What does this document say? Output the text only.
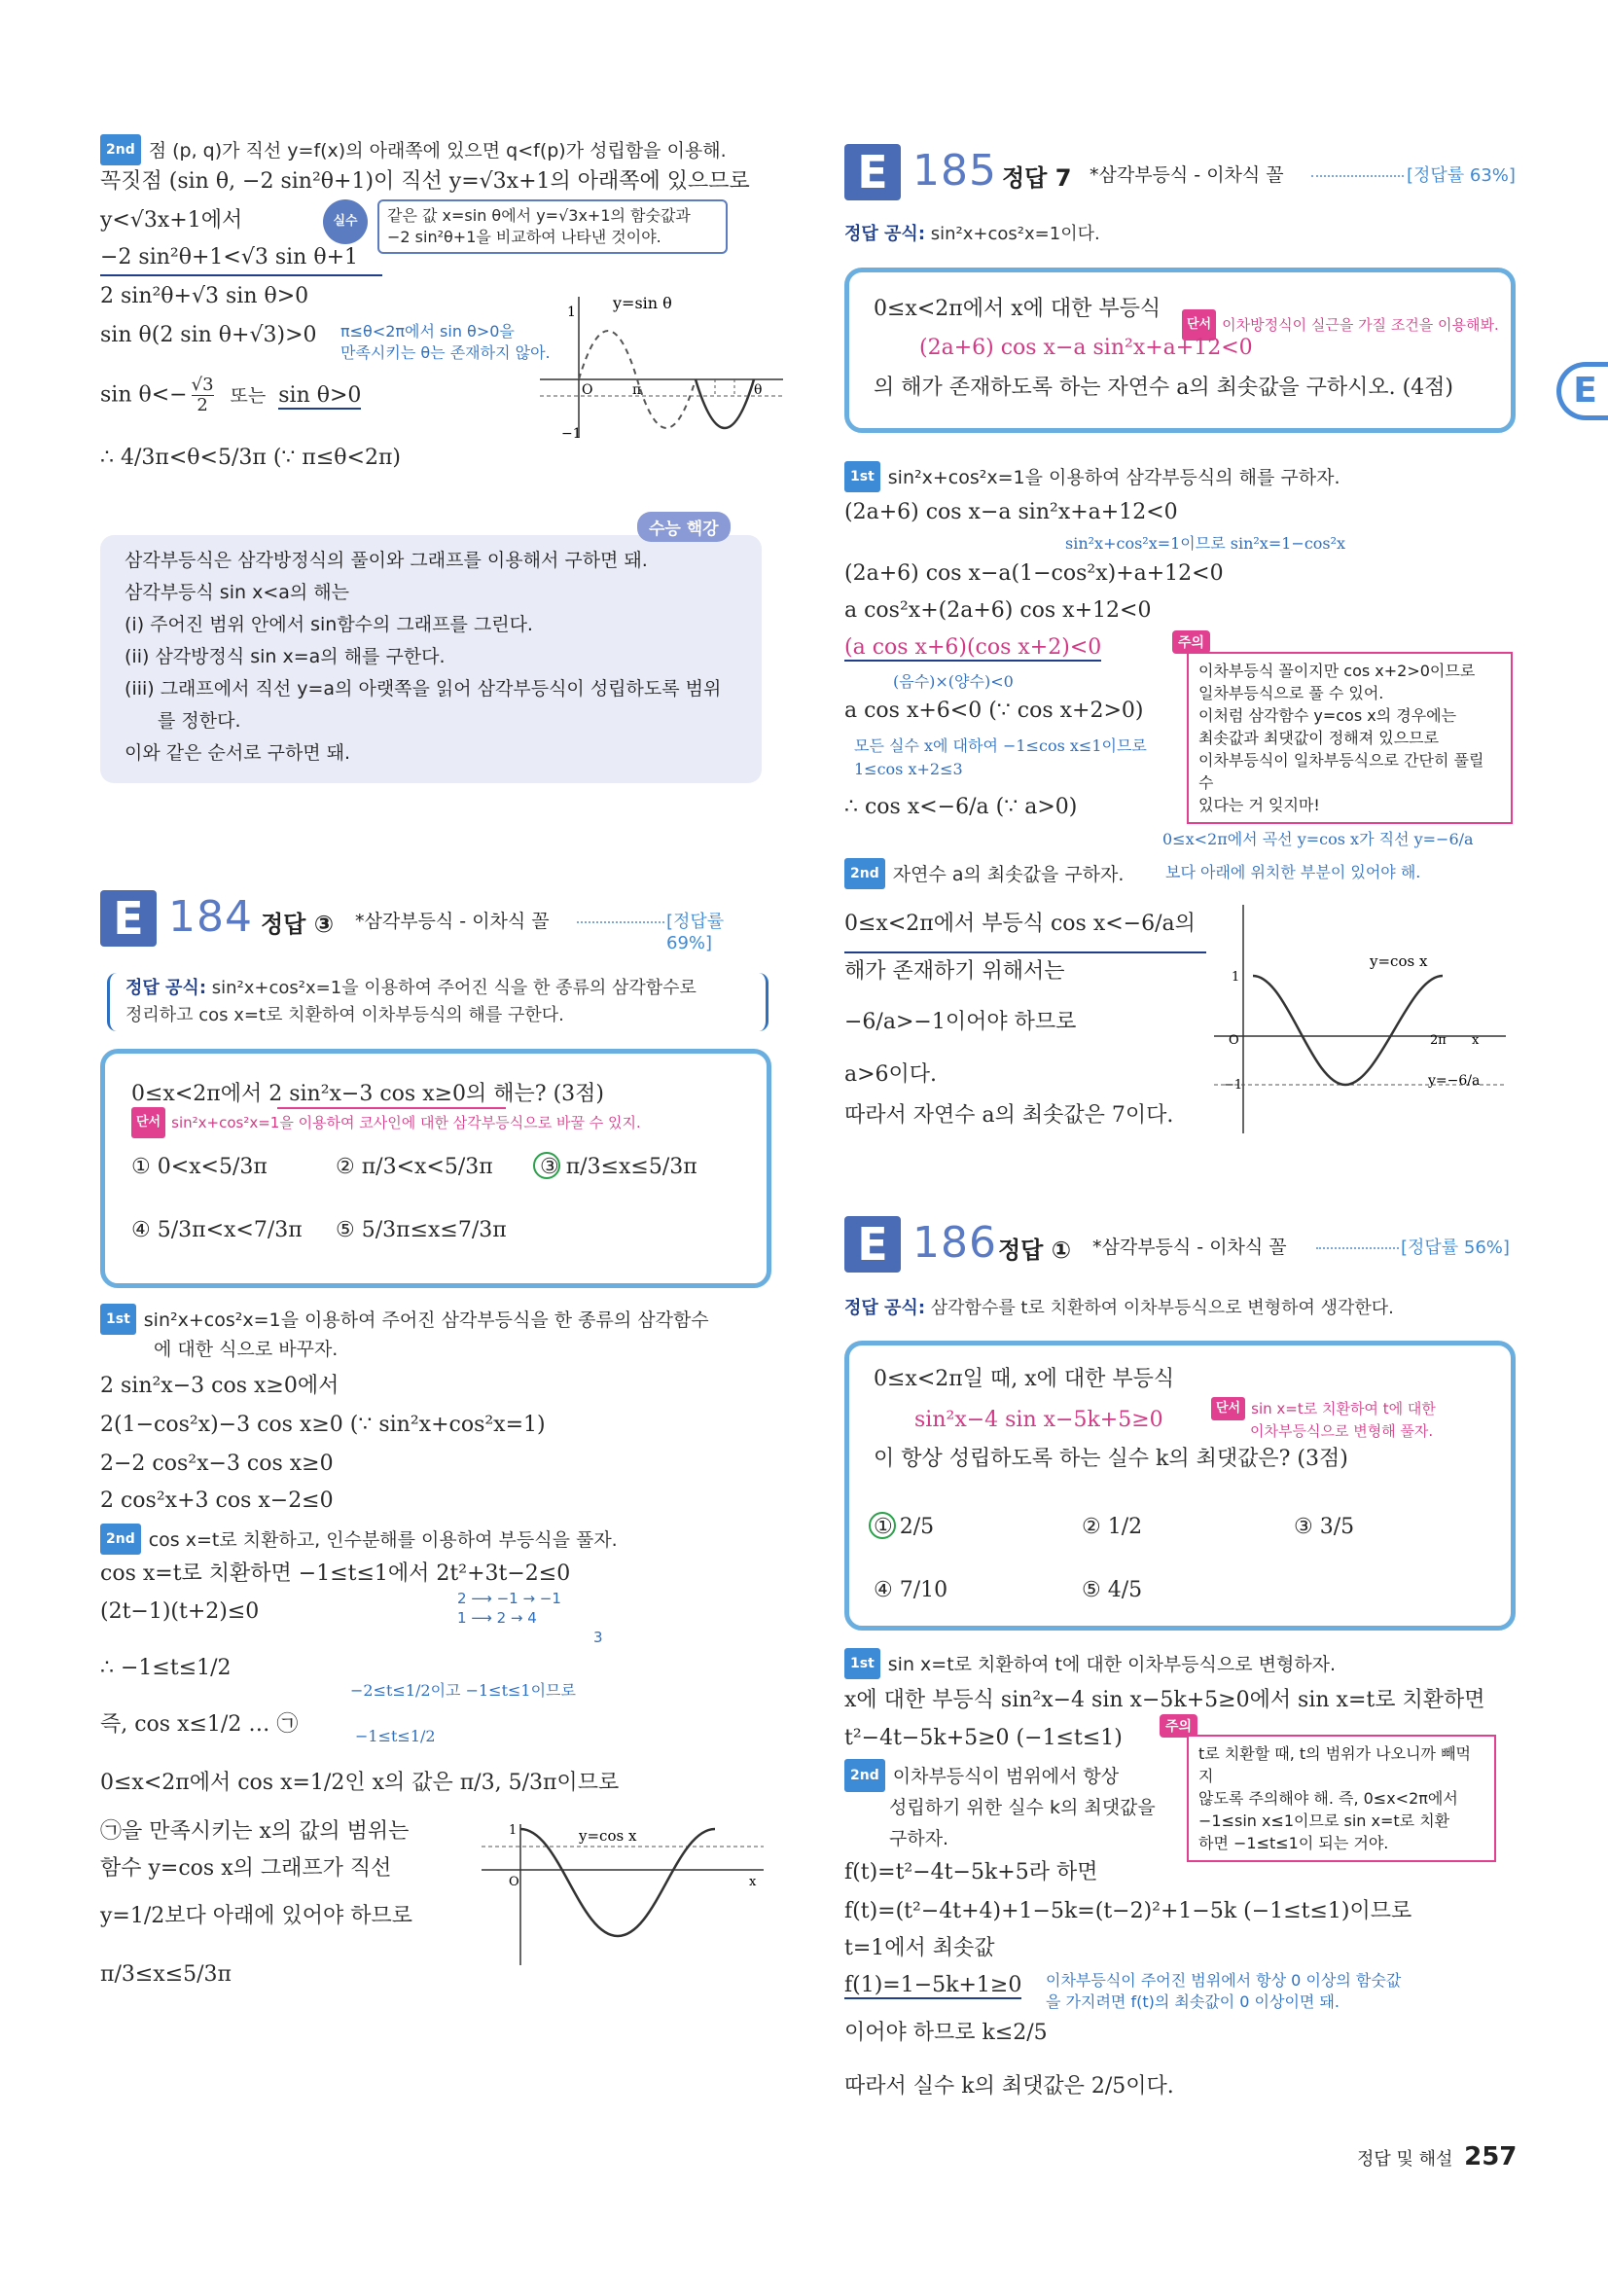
E
2nd 점 (p, q)가 직선 y=f(x)의 아래쪽에 있으면 q<f(p)가 성립함을 이용해.
꼭짓점 (sin θ, −2 sin²θ+1)이 직선 y=√3x+1의 아래쪽에 있으므로
y<√3x+1에서
−2 sin²θ+1<√3 sin θ+1
실수	같은 값 x=sin θ에서 y=√3x+1의 함숫값과
−2 sin²θ+1을 비교하여 나타낸 것이야.
2 sin²θ+√3 sin θ>0
sin θ(2 sin θ+√3)>0 π≤θ<2π에서 sin θ>0을
만족시키는 θ는 존재하지 않아.
$\sin \theta<- \frac{√3}{2}$ 또는 sin θ>0
∴ 4/3π<θ<5/3π (∵ π≤θ<2π)
y=sin θ
1
O	π	θ
−1
수능 핵강
삼각부등식은 삼각방정식의 풀이와 그래프를 이용해서 구하면 돼.
삼각부등식 sin x<a의 해는
(i) 주어진 범위 안에서 sin함수의 그래프를 그린다.
(ii) 삼각방정식 sin x=a의 해를 구한다.
(iii) 그래프에서 직선 y=a의 아랫쪽을 읽어 삼각부등식이 성립하도록 범위
를 정한다.
이와 같은 순서로 구하면 돼.
E 184 정답 ③ *삼각부등식 - 이차식 꼴	[정답률 69%]
정답 공식: sin²x+cos²x=1을 이용하여 주어진 식을 한 종류의 삼각함수로
정리하고 cos x=t로 치환하여 이차부등식의 해를 구한다.
0≤x<2π에서 2 sin²x−3 cos x≥0의 해는? (3점)
단서 sin²x+cos²x=1을 이용하여 코사인에 대한 삼각부등식으로 바꿀 수 있지.
① 0<x<5/3π	② π/3<x<5/3π ③ π/3≤x≤5/3π
④ 5/3π<x<7/3π ⑤ 5/3π≤x≤7/3π
1st sin²x+cos²x=1을 이용하여 주어진 삼각부등식을 한 종류의 삼각함수
에 대한 식으로 바꾸자.
2 sin²x−3 cos x≥0에서
2(1−cos²x)−3 cos x≥0 (∵ sin²x+cos²x=1)
2−2 cos²x−3 cos x≥0
2 cos²x+3 cos x−2≤0
2nd cos x=t로 치환하고, 인수분해를 이용하여 부등식을 풀자.
cos x=t로 치환하면 −1≤t≤1에서 2t²+3t−2≤0
2 ⟶ −1 → −1
1 ⟶ 2 → 4
3
(2t−1)(t+2)≤0
∴ −1≤t≤1/2
−2≤t≤1/2이고 −1≤t≤1이므로
즉, cos x≤1/2 … ㉠	−1≤t≤1/2
0≤x<2π에서 cos x=1/2인 x의 값은 π/3, 5/3π이므로
㉠을 만족시키는 x의 값의 범위는
함수 y=cos x의 그래프가 직선
y=1/2보다 아래에 있어야 하므로
π/3≤x≤5/3π
y=cos x
1
O	x
E 185 정답 7 *삼각부등식 - 이차식 꼴	[정답률 63%]
정답 공식: sin²x+cos²x=1이다.
0≤x<2π에서 x에 대한 부등식
단서 이차방정식이 실근을 가질 조건을 이용해봐.
(2a+6) cos x−a sin²x+a+12<0
의 해가 존재하도록 하는 자연수 a의 최솟값을 구하시오. (4점)
1st sin²x+cos²x=1을 이용하여 삼각부등식의 해를 구하자.
(2a+6) cos x−a sin²x+a+12<0
sin²x+cos²x=1이므로 sin²x=1−cos²x
(2a+6) cos x−a(1−cos²x)+a+12<0
a cos²x+(2a+6) cos x+12<0
(a cos x+6)(cos x+2)<0
(음수)×(양수)<0
a cos x+6<0 (∵ cos x+2>0)
모든 실수 x에 대하여 −1≤cos x≤1이므로
1≤cos x+2≤3
∴ cos x<−6/a (∵ a>0)
주의
이차부등식 꼴이지만 cos x+2>0이므로
일차부등식으로 풀 수 있어.
이처럼 삼각함수 y=cos x의 경우에는
최솟값과 최댓값이 정해져 있으므로
이차부등식이 일차부등식으로 간단히 풀릴 수
있다는 거 잊지마!
0≤x<2π에서 곡선 y=cos x가 직선 y=−6/a
2nd 자연수 a의 최솟값을 구하자.	보다 아래에 위치한 부분이 있어야 해.
0≤x<2π에서 부등식 cos x<−6/a의
해가 존재하기 위해서는
−6/a>−1이어야 하므로
a>6이다.
따라서 자연수 a의 최솟값은 7이다.
y=cos x
y=−6/a
1
O
−1
2π x
E 186 정답 ① *삼각부등식 - 이차식 꼴	[정답률 56%]
정답 공식: 삼각함수를 t로 치환하여 이차부등식으로 변형하여 생각한다.
0≤x<2π일 때, x에 대한 부등식
sin²x−4 sin x−5k+5≥0	단서 sin x=t로 치환하여 t에 대한
이차부등식으로 변형해 풀자.
이 항상 성립하도록 하는 실수 k의 최댓값은? (3점)
① 2/5	② 1/2	③ 3/5
④ 7/10	⑤ 4/5
1st sin x=t로 치환하여 t에 대한 이차부등식으로 변형하자.
x에 대한 부등식 sin²x−4 sin x−5k+5≥0에서 sin x=t로 치환하면
t²−4t−5k+5≥0 (−1≤t≤1)	주의
t로 치환할 때, t의 범위가 나오니까 빼먹지
않도록 주의해야 해. 즉, 0≤x<2π에서
−1≤sin x≤1이므로 sin x=t로 치환
하면 −1≤t≤1이 되는 거야.
2nd 이차부등식이 범위에서 항상
성립하기 위한 실수 k의 최댓값을
구하자.
f(t)=t²−4t−5k+5라 하면
f(t)=(t²−4t+4)+1−5k=(t−2)²+1−5k (−1≤t≤1)이므로
t=1에서 최솟값
f(1)=1−5k+1≥0 이차부등식이 주어진 범위에서 항상 0 이상의 함숫값
을 가지려면 f(t)의 최솟값이 0 이상이면 돼.
이어야 하므로 k≤2/5
따라서 실수 k의 최댓값은 2/5이다.
정답 및 해설 257
